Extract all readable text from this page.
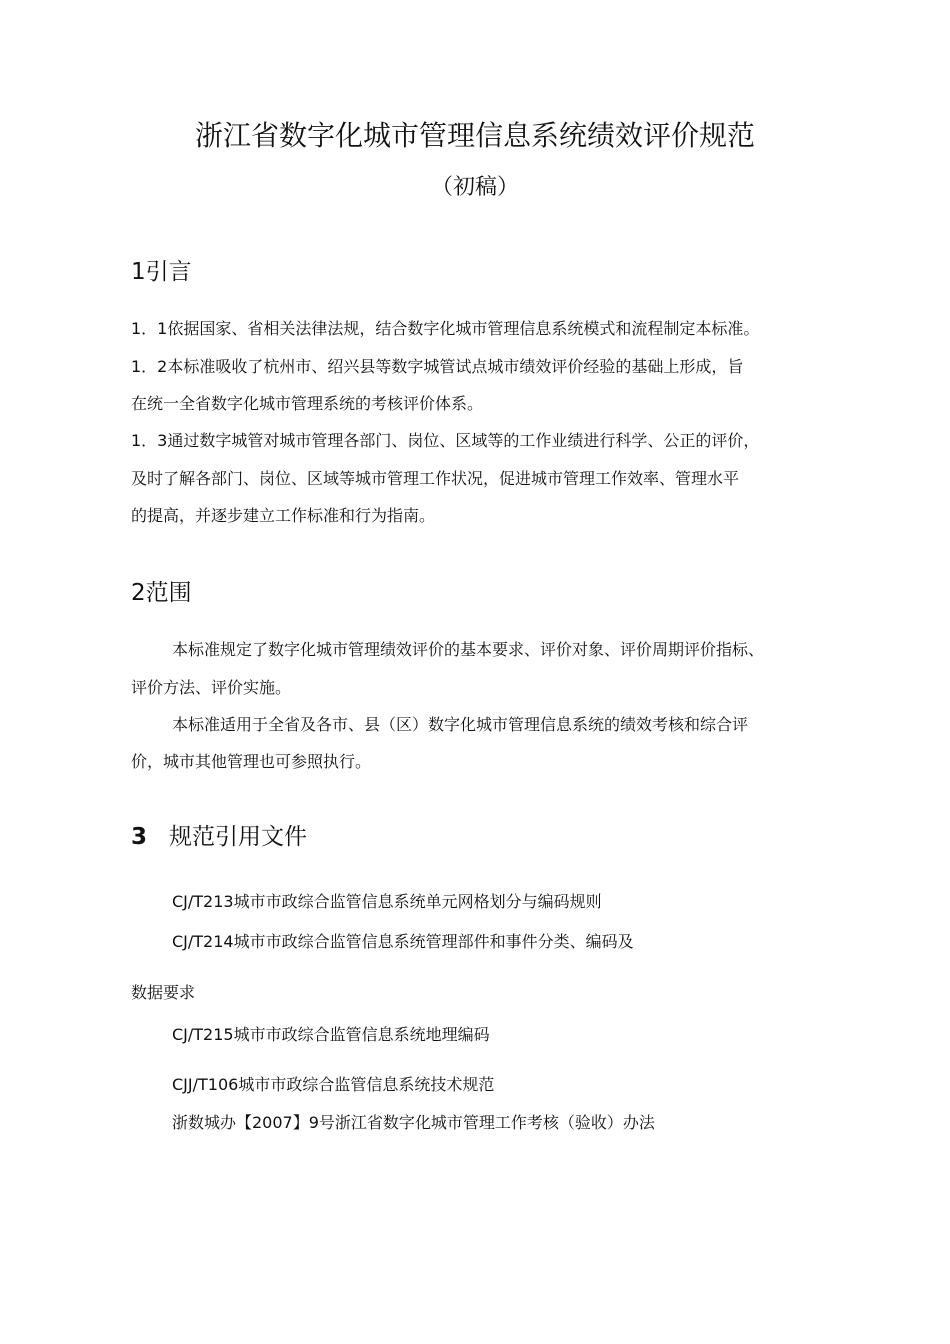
浙江省数字化城市管理信息系统绩效评价规范
（初稿）
1引言
1．1依据国家、省相关法律法规，结合数字化城市管理信息系统模式和流程制定本标准。
1．2本标准吸收了杭州市、绍兴县等数字城管试点城市绩效评价经验的基础上形成，旨
在统一全省数字化城市管理系统的考核评价体系。
1．3通过数字城管对城市管理各部门、岗位、区域等的工作业绩进行科学、公正的评价，
及时了解各部门、岗位、区域等城市管理工作状况，促进城市管理工作效率、管理水平
的提高，并逐步建立工作标准和行为指南。
2范围
本标准规定了数字化城市管理绩效评价的基本要求、评价对象、评价周期评价指标、
评价方法、评价实施。
本标准适用于全省及各市、县（区）数字化城市管理信息系统的绩效考核和综合评
价，城市其他管理也可参照执行。
3 规范引用文件
CJ/T213城市市政综合监管信息系统单元网格划分与编码规则
CJ/T214城市市政综合监管信息系统管理部件和事件分类、编码及
数据要求
CJ/T215城市市政综合监管信息系统地理编码
CJJ/T106城市市政综合监管信息系统技术规范
浙数城办【2007】9号浙江省数字化城市管理工作考核（验收）办法
